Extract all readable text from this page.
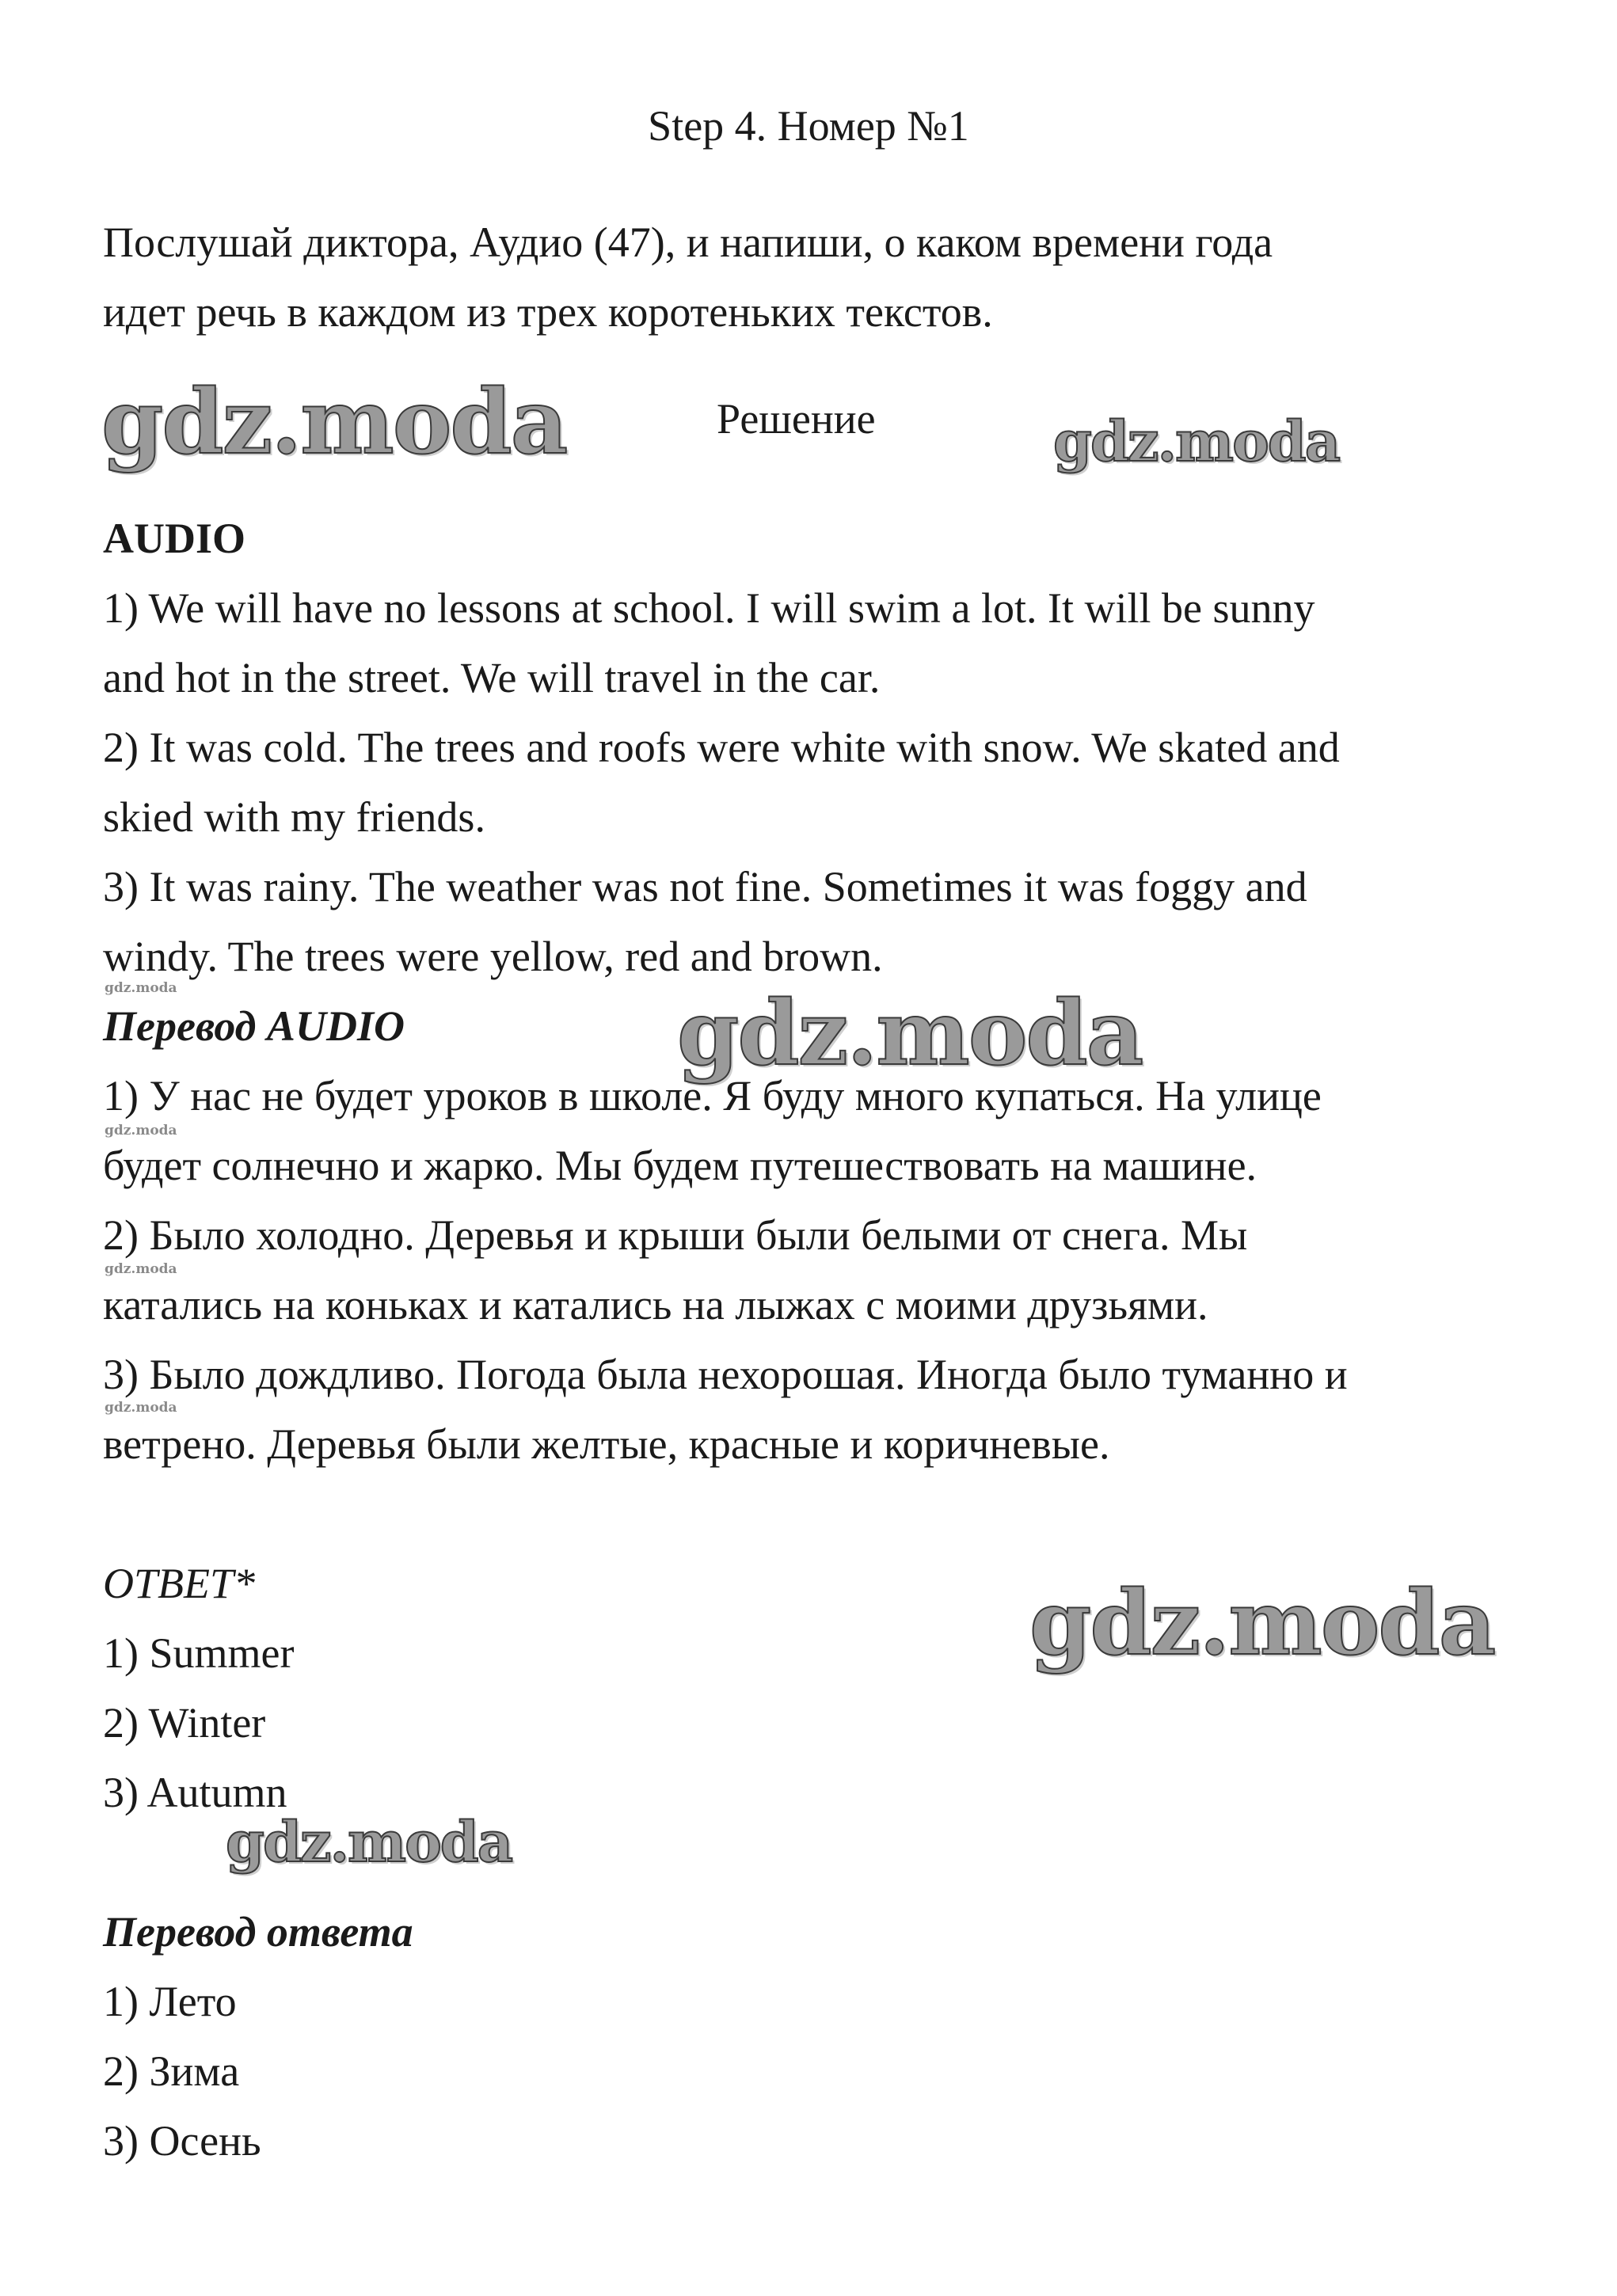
Step 4. Номер №1
Послушай диктора, Аудио (47), и напиши, о каком времени года
идет речь в каждом из трех коротеньких текстов.
gdz.moda	gdz.moda
gdz.moda
gdz.moda
gdz.moda
gdz.moda
gdz.moda
gdz.moda
gdz.moda
Решение
AUDIO
1) We will have no lessons at school. I will swim a lot. It will be sunny
and hot in the street. We will travel in the car.
2) It was cold. The trees and roofs were white with snow. We skated and
skied with my friends.
3) It was rainy. The weather was not fine. Sometimes it was foggy and
windy. The trees were yellow, red and brown.
Перевод AUDIO
1) У нас не будет уроков в школе. Я буду много купаться. На улице
будет солнечно и жарко. Мы будем путешествовать на машине.
2) Было холодно. Деревья и крыши были белыми от снега. Мы
катались на коньках и катались на лыжах с моими друзьями.
3) Было дождливо. Погода была нехорошая. Иногда было туманно и
ветрено. Деревья были желтые, красные и коричневые.
ОТВЕТ*
1) Summer
2) Winter
3) Autumn
Перевод ответа
1) Лето
2) Зима
3) Осень
